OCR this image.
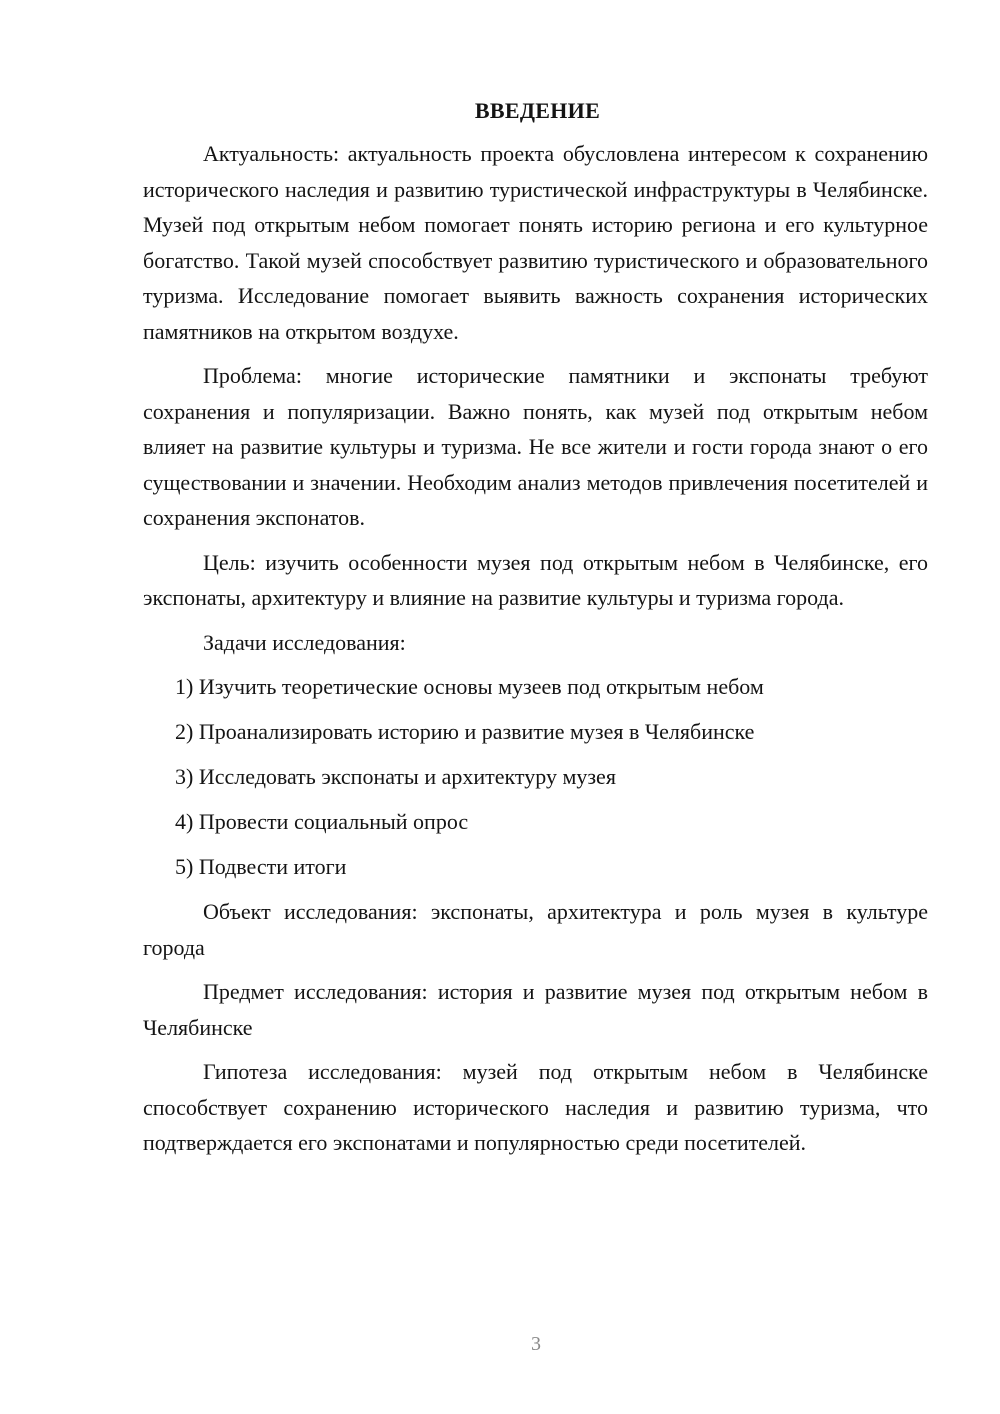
ВВЕДЕНИЕ

Актуальность: актуальность проекта обусловлена интересом к сохранению исторического наследия и развитию туристической инфраструктуры в Челябинске. Музей под открытым небом помогает понять историю региона и его культурное богатство. Такой музей способствует развитию туристического и образовательного туризма. Исследование помогает выявить важность сохранения исторических памятников на открытом воздухе.

Проблема: многие исторические памятники и экспонаты требуют сохранения и популяризации. Важно понять, как музей под открытым небом влияет на развитие культуры и туризма. Не все жители и гости города знают о его существовании и значении. Необходим анализ методов привлечения посетителей и сохранения экспонатов.

Цель: изучить особенности музея под открытым небом в Челябинске, его экспонаты, архитектуру и влияние на развитие культуры и туризма города.

Задачи исследования:

1) Изучить теоретические основы музеев под открытым небом
2) Проанализировать историю и развитие музея в Челябинске
3) Исследовать экспонаты и архитектуру музея
4) Провести социальный опрос
5) Подвести итоги

Объект исследования: экспонаты, архитектура и роль музея в культуре города

Предмет исследования: история и развитие музея под открытым небом в Челябинске

Гипотеза исследования: музей под открытым небом в Челябинске способствует сохранению исторического наследия и развитию туризма, что подтверждается его экспонатами и популярностью среди посетителей.

3
